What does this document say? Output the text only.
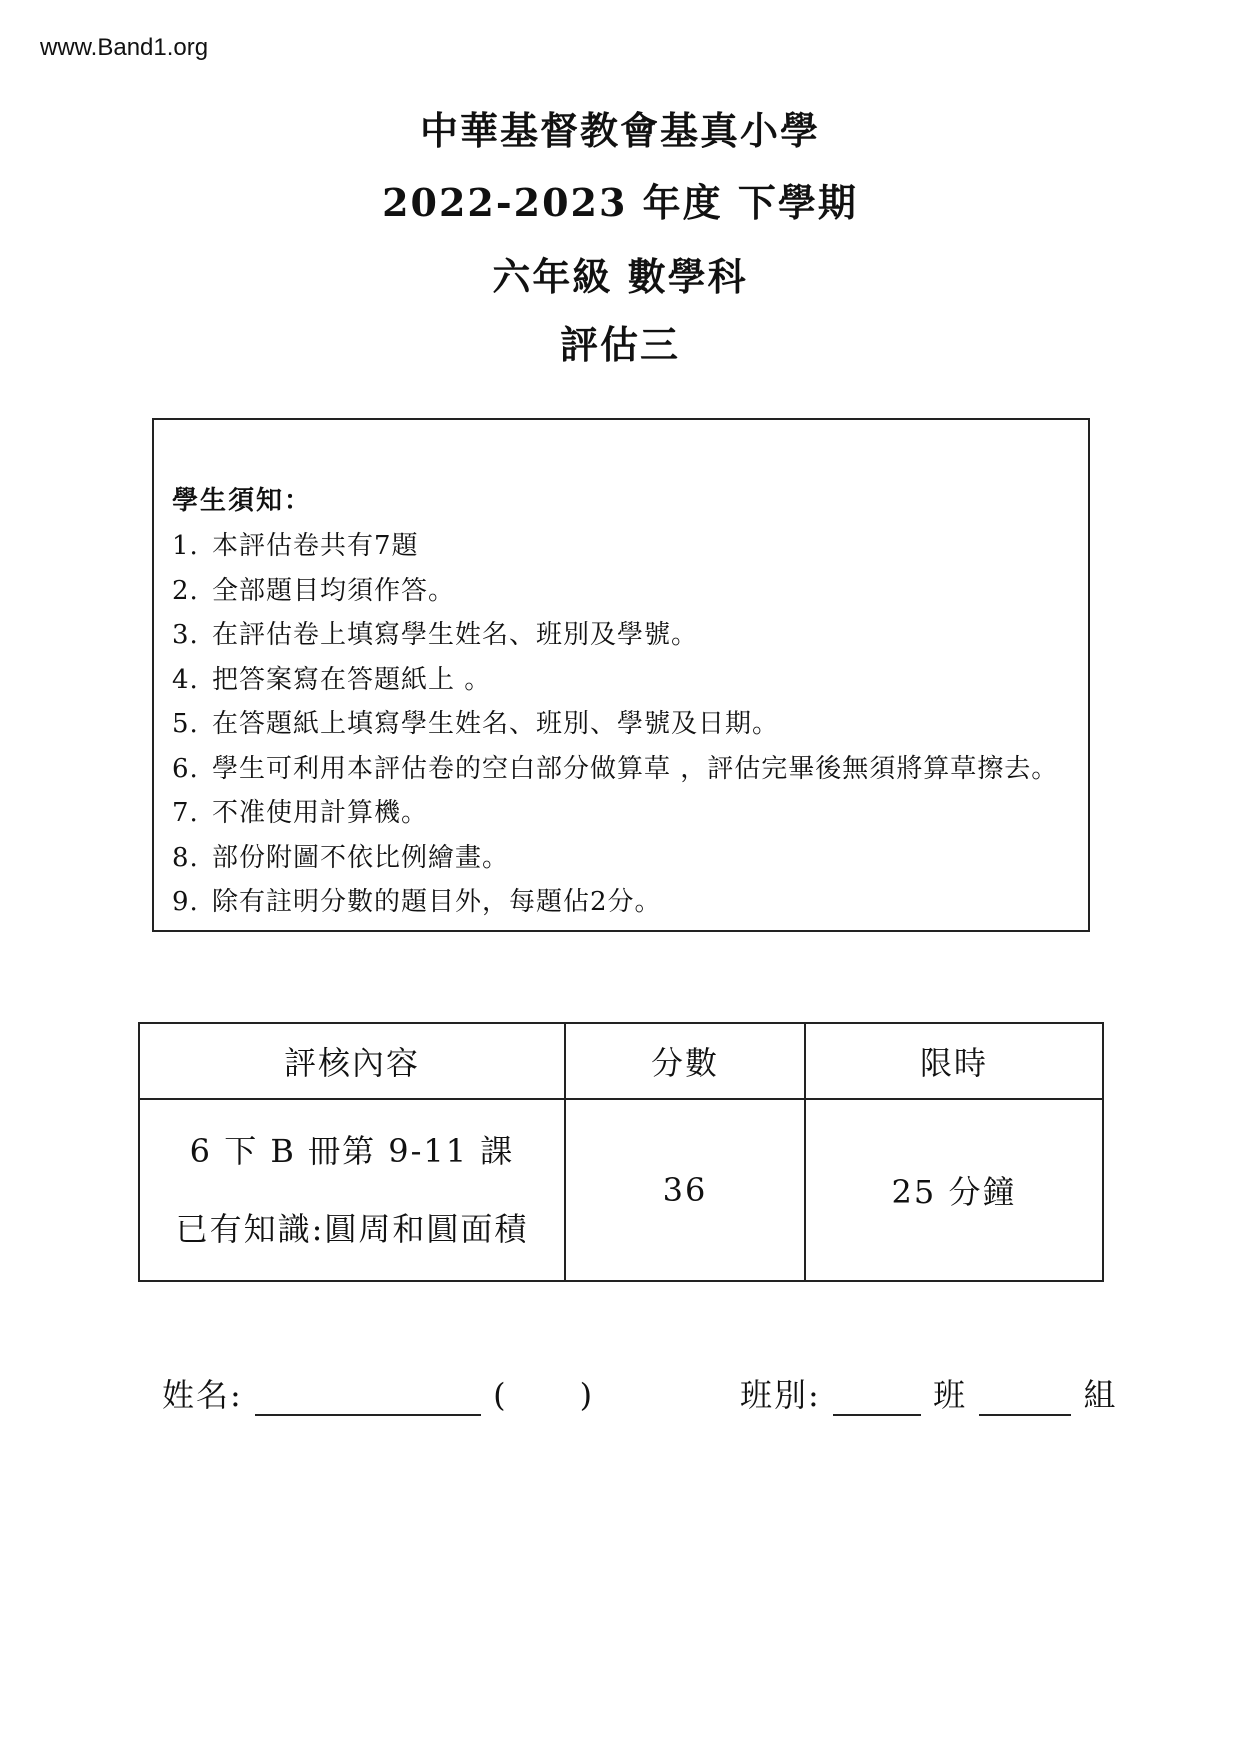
www.Band1.org
中華基督教會基真小學
2022-2023 年度 下學期
六年級 數學科
評估三
學生須知：
1. 本評估卷共有7題
2. 全部題目均須作答。
3. 在評估卷上填寫學生姓名、班別及學號。
4. 把答案寫在答題紙上 。
5. 在答題紙上填寫學生姓名、班別、學號及日期。
6. 學生可利用本評估卷的空白部分做算草 ，評估完畢後無須將算草擦去。
7. 不准使用計算機。
8. 部份附圖不依比例繪畫。
9. 除有註明分數的題目外，每題佔2分。
評核內容	分數	限時

6 下 B 冊第 9-11 課
已有知識:圓周和圓面積	36	25 分鐘
姓名:	( )	班別:	班	組
